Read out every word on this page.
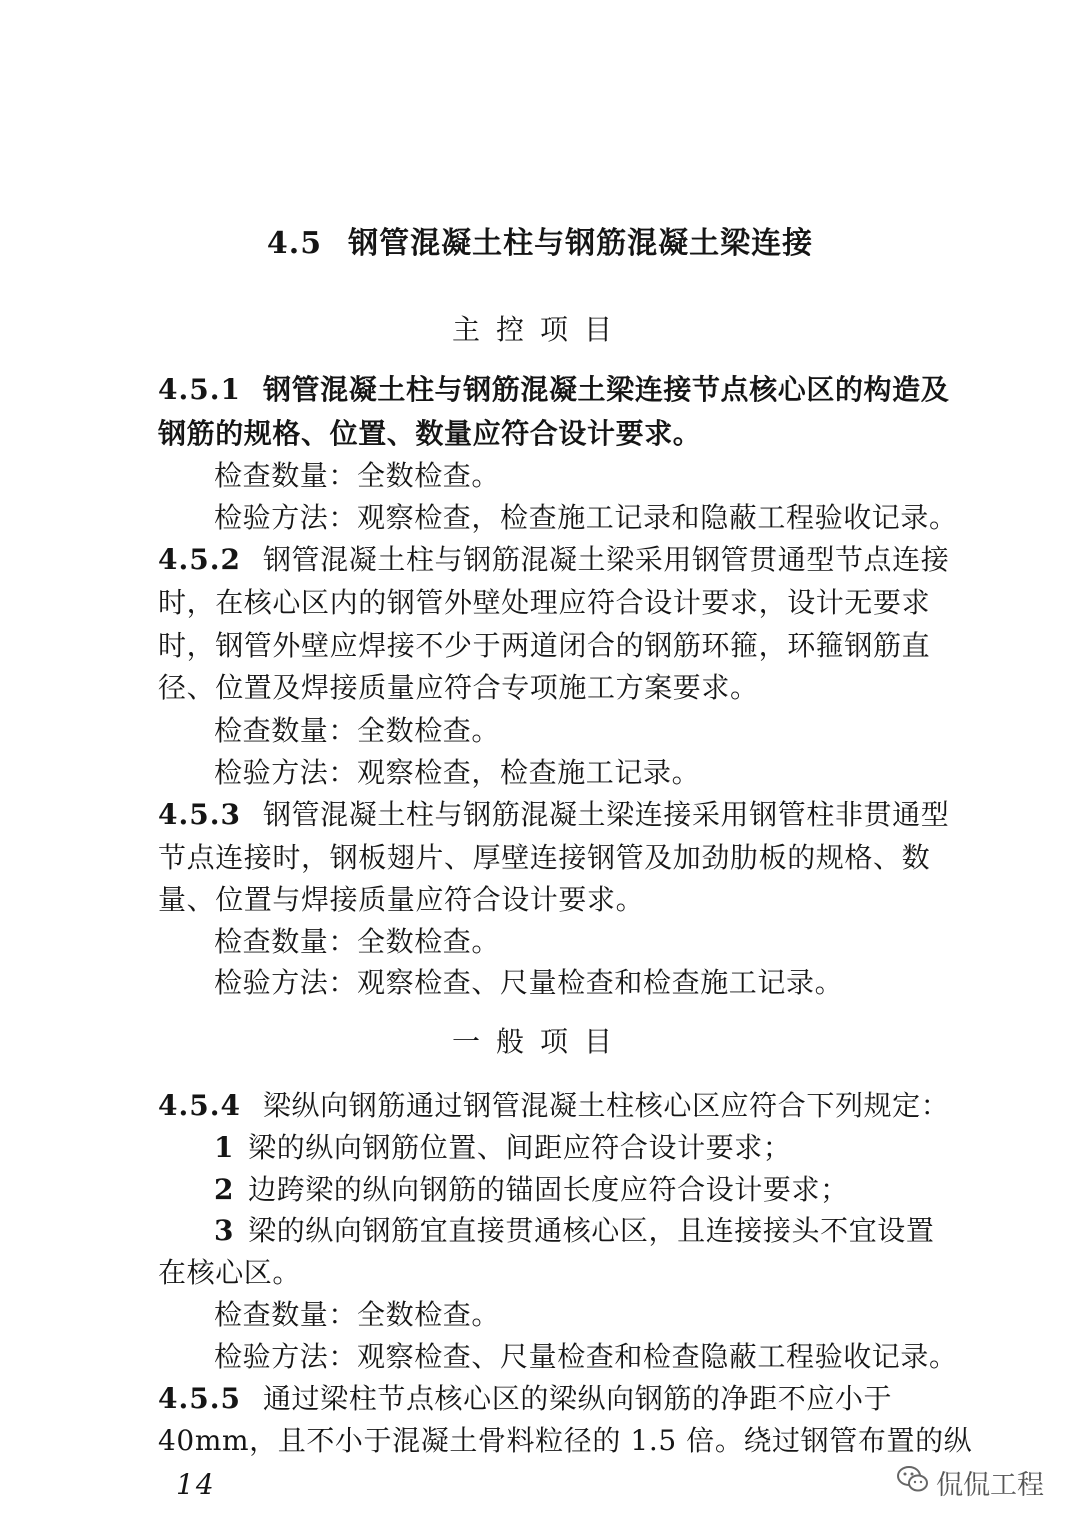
4.5 钢管混凝土柱与钢筋混凝土梁连接
主控项目
4.5.1 钢管混凝土柱与钢筋混凝土梁连接节点核心区的构造及
钢筋的规格、位置、数量应符合设计要求。
检查数量：全数检查。
检验方法：观察检查，检查施工记录和隐蔽工程验收记录。
4.5.2 钢管混凝土柱与钢筋混凝土梁采用钢管贯通型节点连接
时，在核心区内的钢管外壁处理应符合设计要求，设计无要求
时，钢管外壁应焊接不少于两道闭合的钢筋环箍，环箍钢筋直
径、位置及焊接质量应符合专项施工方案要求。
检查数量：全数检查。
检验方法：观察检查，检查施工记录。
4.5.3 钢管混凝土柱与钢筋混凝土梁连接采用钢管柱非贯通型
节点连接时，钢板翅片、厚壁连接钢管及加劲肋板的规格、数
量、位置与焊接质量应符合设计要求。
检查数量：全数检查。
检验方法：观察检查、尺量检查和检查施工记录。
一般项目
4.5.4 梁纵向钢筋通过钢管混凝土柱核心区应符合下列规定：
1 梁的纵向钢筋位置、间距应符合设计要求；
2 边跨梁的纵向钢筋的锚固长度应符合设计要求；
3 梁的纵向钢筋宜直接贯通核心区，且连接接头不宜设置
在核心区。
检查数量：全数检查。
检验方法：观察检查、尺量检查和检查隐蔽工程验收记录。
4.5.5 通过梁柱节点核心区的梁纵向钢筋的净距不应小于
40mm，且不小于混凝土骨料粒径的 1.5 倍。绕过钢管布置的纵
14	侃侃工程
